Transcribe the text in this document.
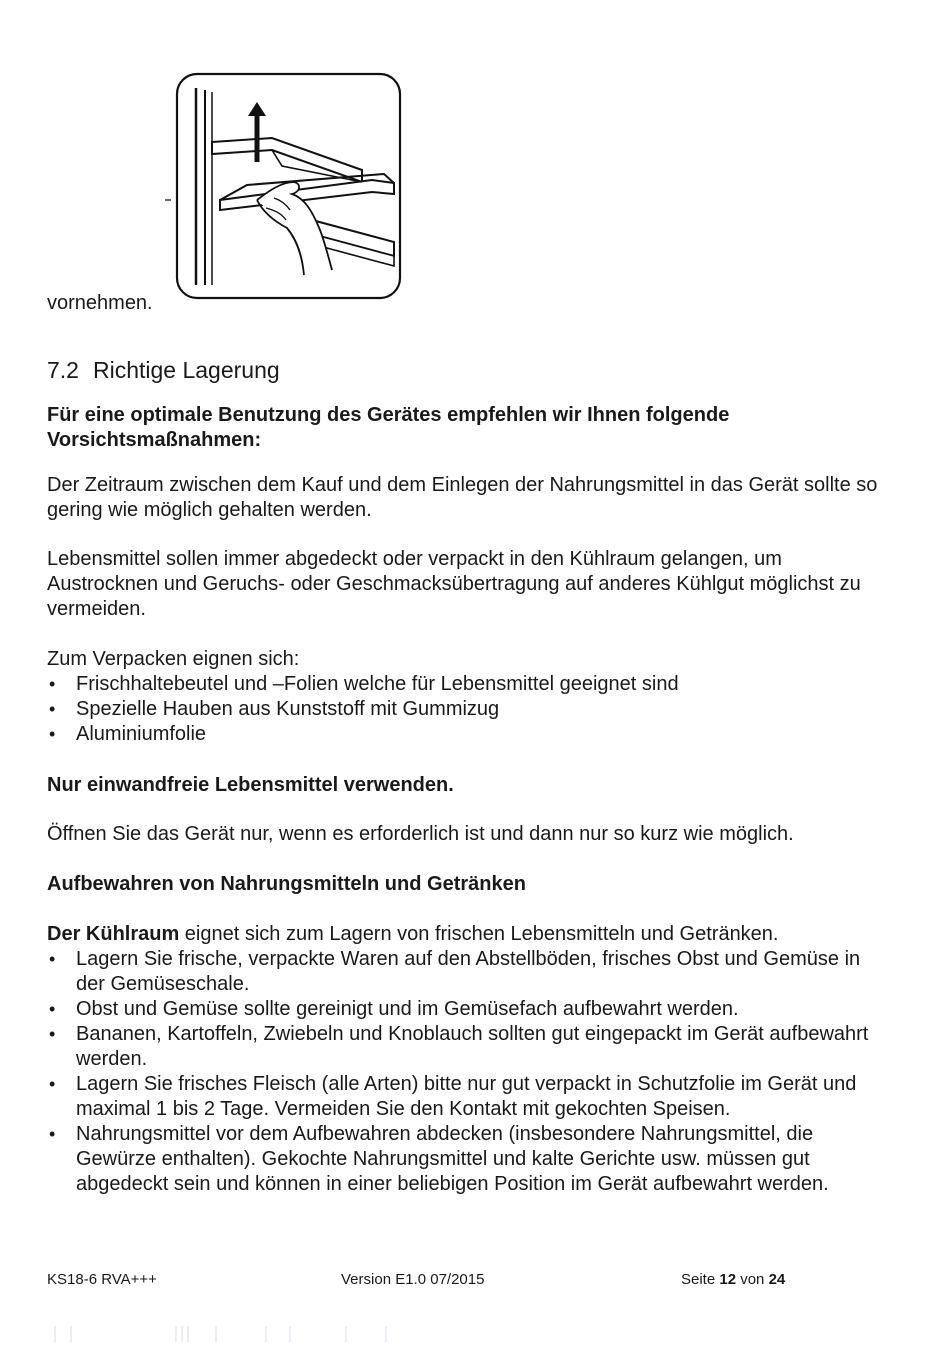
vornehmen.
7.2 Richtige Lagerung
Für eine optimale Benutzung des Gerätes empfehlen wir Ihnen folgende Vorsichtsmaßnahmen:
Der Zeitraum zwischen dem Kauf und dem Einlegen der Nahrungsmittel in das Gerät sollte so gering wie möglich gehalten werden.
Lebensmittel sollen immer abgedeckt oder verpackt in den Kühlraum gelangen, um Austrocknen und Geruchs- oder Geschmacksübertragung auf anderes Kühlgut möglichst zu vermeiden.
Zum Verpacken eignen sich:
• Frischhaltebeutel und –Folien welche für Lebensmittel geeignet sind
• Spezielle Hauben aus Kunststoff mit Gummizug
• Aluminiumfolie
Nur einwandfreie Lebensmittel verwenden.
Öffnen Sie das Gerät nur, wenn es erforderlich ist und dann nur so kurz wie möglich.
Aufbewahren von Nahrungsmitteln und Getränken
Der Kühlraum eignet sich zum Lagern von frischen Lebensmitteln und Getränken.
• Lagern Sie frische, verpackte Waren auf den Abstellböden, frisches Obst und Gemüse in der Gemüseschale.
• Obst und Gemüse sollte gereinigt und im Gemüsefach aufbewahrt werden.
• Bananen, Kartoffeln, Zwiebeln und Knoblauch sollten gut eingepackt im Gerät aufbewahrt werden.
• Lagern Sie frisches Fleisch (alle Arten) bitte nur gut verpackt in Schutzfolie im Gerät und maximal 1 bis 2 Tage. Vermeiden Sie den Kontakt mit gekochten Speisen.
• Nahrungsmittel vor dem Aufbewahren abdecken (insbesondere Nahrungsmittel, die Gewürze enthalten). Gekochte Nahrungsmittel und kalte Gerichte usw. müssen gut abgedeckt sein und können in einer beliebigen Position im Gerät aufbewahrt werden.
KS18-6 RVA+++	Version E1.0 07/2015	Seite 12 von 24
